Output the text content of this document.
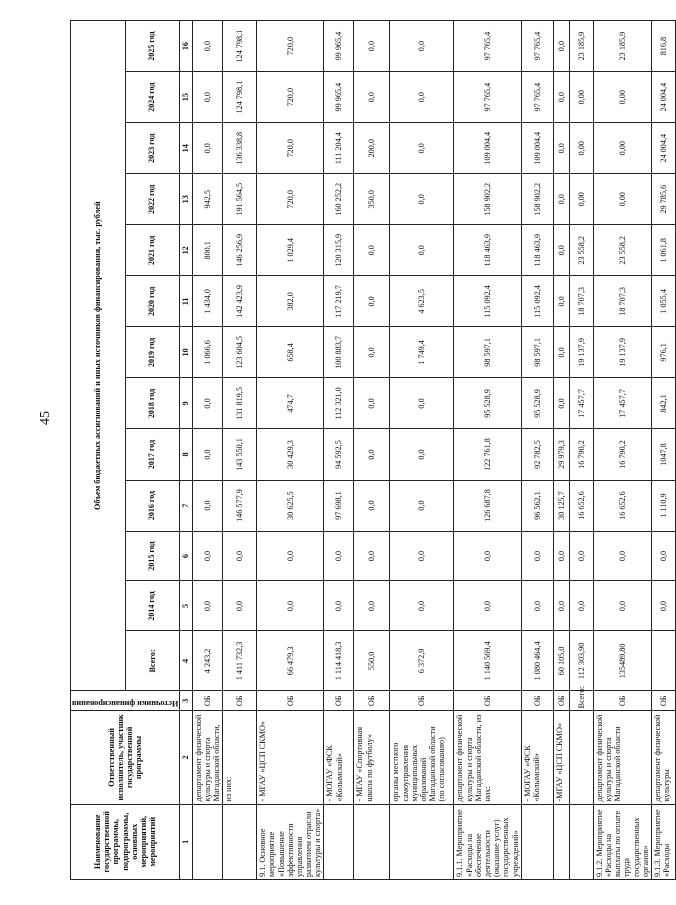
45
Наименование государственной программы, подпрограммы, основных мероприятий, мероприятий	Ответственный исполнитель, участник государственной программы	Источники финансирования	Объем бюджетных ассигнований и иных источников финансирования, тыс. рублей												
			Всего:	2014 год	2015 год	2016 год	2017 год	2018 год	2019 год	2020 год	2021 год	2022 год	2023 год	2024 год	2025 год
1	2	3	4	5	6	7	8	9	10	11	12	13	14	15	16
	департамент физической культуры и спорта Магаданской области,	ОБ	4 243,2	0,0	0,0	0,0	0,0	0,0	1 066,6	1 434,0	800,1	942,5	0,0	0,0	0,0
	из них:	ОБ	1 411 732,3	0,0	0,0	146 577,9	143 550,1	131 819,5	123 604,5	142 423,9	146 256,9	191 564,5	136 338,8	124 798,1	124 798,1
9.1. Основное мероприятие «Повышение эффективности управления развитием отрасли культуры и спорта»	- МГАУ «ЦСП СКМО»	ОБ	66 479,3	0,0	0,0	30 625,5	30 429,3	474,7	658,4	382,0	1 029,4	720,0	720,0	720,0	720,0
	- МОГАУ «ФСК «Колымский»	ОБ	1 114 418,3	0,0	0,0	97 698,1	94 592,5	112 321,0	100 883,7	117 219,7	120 315,9	160 252,2	111 204,4	99 965,4	99 965,4
	- МГАУ «Спортивная школа по футболу»	ОБ	550,0	0,0	0,0	0,0	0,0	0,0	0,0	0,0	0,0	350,0	200,0	0,0	0,0
	органы местного самоуправления муниципальных образований Магаданской области (по согласованию)	ОБ	6 372,9	0,0	0,0	0,0	0,0	0,0	1 749,4	4 623,5	0,0	0,0	0,0	0,0	0,0
9.1.1. Мероприятие «Расходы на обеспечение деятельности (оказание услуг) государственных учреждений»	департамент физической культуры и спорта Магаданской области, из них:	ОБ	1 140 569,4	0,0	0,0	126 687,8	122 761,8	95 528,9	98 597,1	115 092,4	118 463,9	158 902,2	109 004,4	97 765,4	97 765,4
	- МОГАУ «ФСК «Колымский»	ОБ	1 080 464,4	0,0	0,0	96 562,1	92 782,5	95 528,9	98 597,1	115 092,4	118 463,9	158 902,2	109 004,4	97 765,4	97 765,4
	-МГАУ «ЦСП СКМО»	ОБ	60 105,0	0,0	0,0	30 125,7	29 979,3	0,0	0,0	0,0	0,0	0,0	0,0	0,0	0,0
		Всего:	112 303,90	0,0	0,0	16 652,6	16 790,2	17 457,7	19 137,9	18 707,3	23 558,2	0,00	0,00	0,00	23 185,9
9.1.2. Мероприятие «Расходы на выплаты по оплате труда государственных органов»	департамент физической культуры и спорта Магаданской области	ОБ	135489,80	0,0	0,0	16 652,6	16 790,2	17 457,7	19 137,9	18 707,3	23 558,2	0,00	0,00	0,00	23 185,9
9.1.3. Мероприятие «Расходы	департамент физической культуры	ОБ		0,0	0,0	1 110,9	1047,8	842,1	976,1	1 055,4	1 061,8	29 785,6	24 004,4	24 004,4	816,8
